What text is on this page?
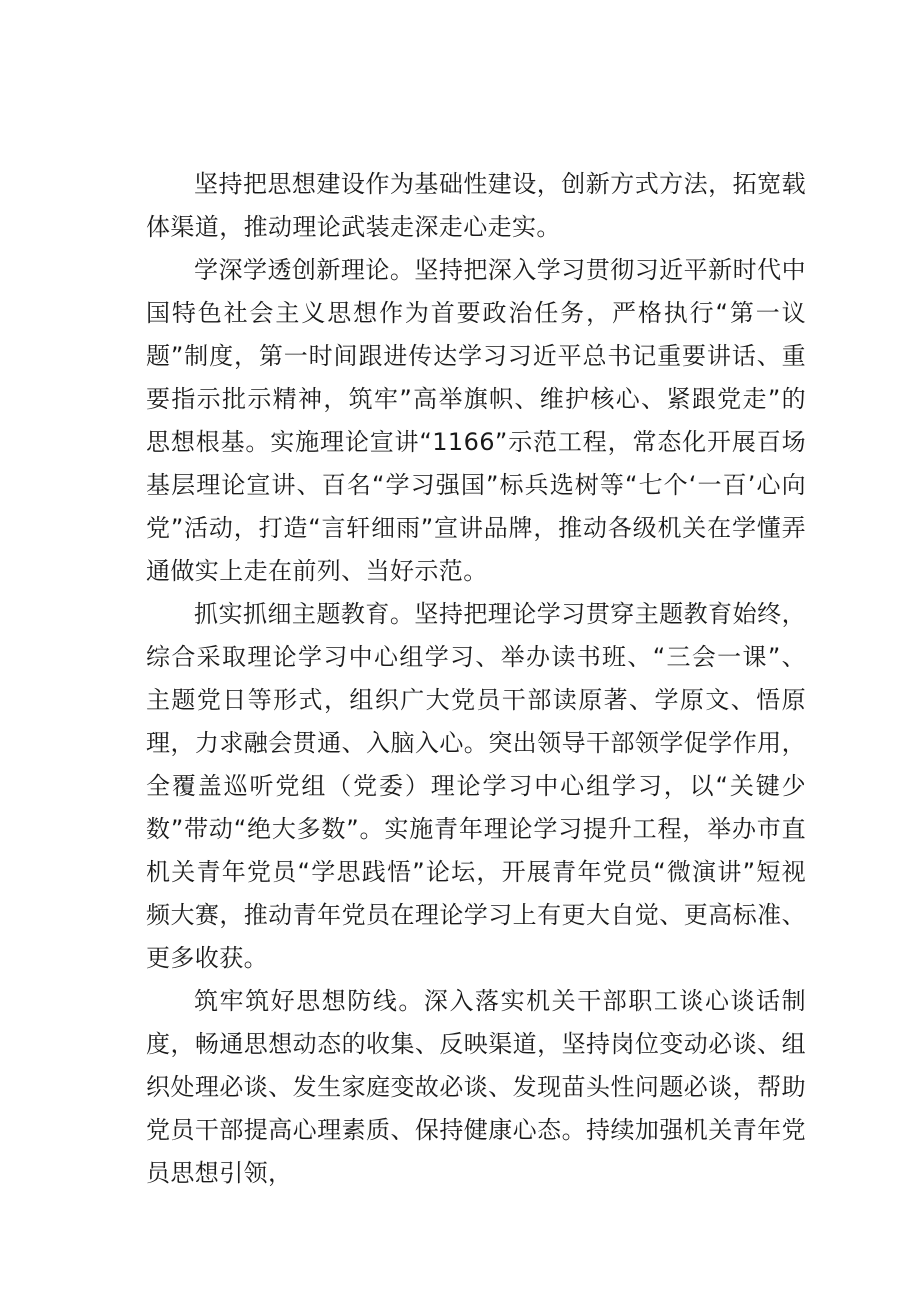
坚持把思想建设作为基础性建设，创新方式方法，拓宽载体渠道，推动理论武装走深走心走实。

学深学透创新理论。坚持把深入学习贯彻习近平新时代中国特色社会主义思想作为首要政治任务，严格执行“第一议题”制度，第一时间跟进传达学习习近平总书记重要讲话、重要指示批示精神，筑牢”高举旗帜、维护核心、紧跟党走”的思想根基。实施理论宣讲“1166”示范工程，常态化开展百场基层理论宣讲、百名“学习强国”标兵选树等“七个‘一百’心向党”活动，打造“言轩细雨”宣讲品牌，推动各级机关在学懂弄通做实上走在前列、当好示范。

抓实抓细主题教育。坚持把理论学习贯穿主题教育始终，综合采取理论学习中心组学习、举办读书班、“三会一课”、主题党日等形式，组织广大党员干部读原著、学原文、悟原理，力求融会贯通、入脑入心。突出领导干部领学促学作用，全覆盖巡听党组（党委）理论学习中心组学习，以“关键少数”带动“绝大多数”。实施青年理论学习提升工程，举办市直机关青年党员“学思践悟”论坛，开展青年党员“微演讲”短视频大赛，推动青年党员在理论学习上有更大自觉、更高标准、更多收获。

筑牢筑好思想防线。深入落实机关干部职工谈心谈话制度，畅通思想动态的收集、反映渠道，坚持岗位变动必谈、组织处理必谈、发生家庭变故必谈、发现苗头性问题必谈，帮助党员干部提高心理素质、保持健康心态。持续加强机关青年党员思想引领，
